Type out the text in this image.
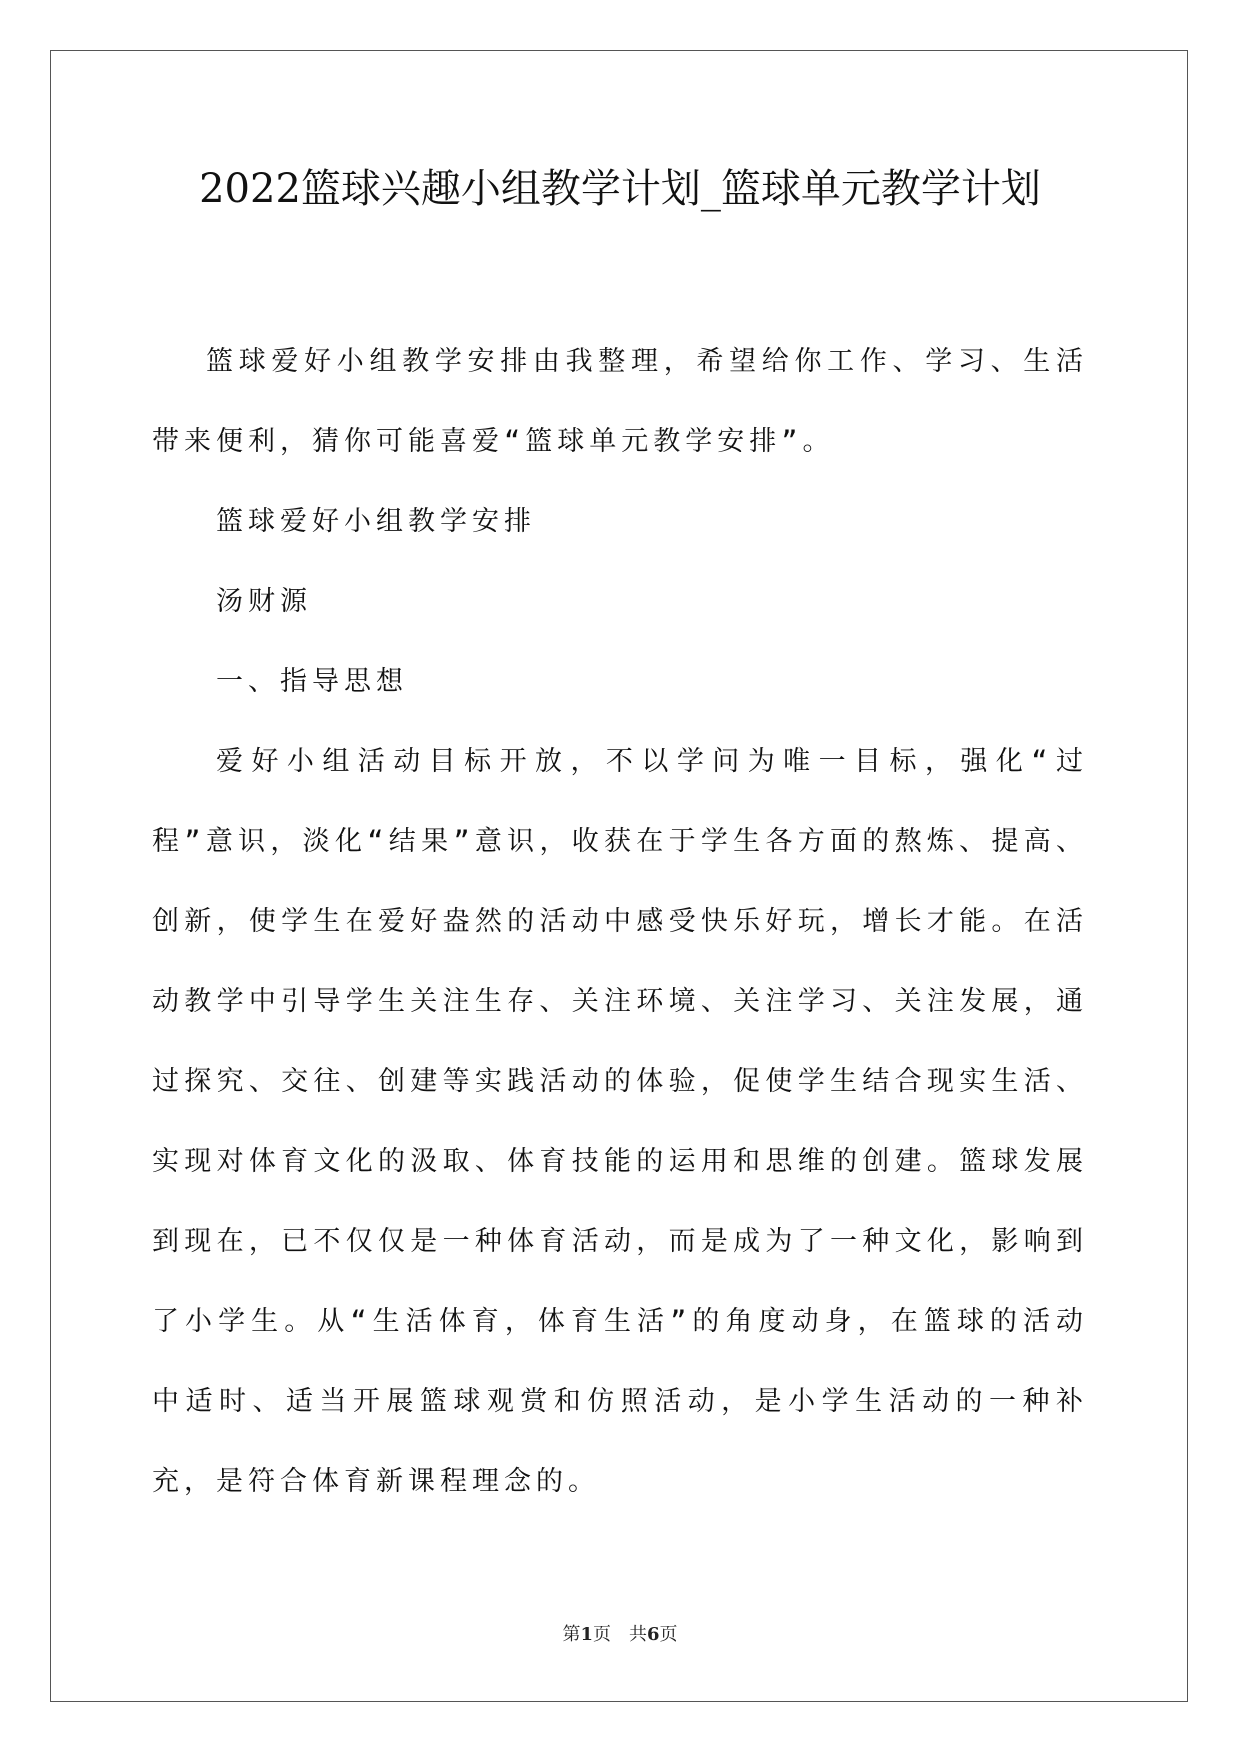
2022篮球兴趣小组教学计划_篮球单元教学计划

篮球爱好小组教学安排由我整理，希望给你工作、学习、生活带来便利，猜你可能喜爱“篮球单元教学安排”。

篮球爱好小组教学安排

汤财源

一、指导思想

爱好小组活动目标开放，不以学问为唯一目标，强化“过程”意识，淡化“结果”意识，收获在于学生各方面的熬炼、提高、创新，使学生在爱好盎然的活动中感受快乐好玩，增长才能。在活动教学中引导学生关注生存、关注环境、关注学习、关注发展，通过探究、交往、创建等实践活动的体验，促使学生结合现实生活、实现对体育文化的汲取、体育技能的运用和思维的创建。篮球发展到现在，已不仅仅是一种体育活动，而是成为了一种文化，影响到了小学生。从“生活体育，体育生活”的角度动身，在篮球的活动中适时、适当开展篮球观赏和仿照活动，是小学生活动的一种补充，是符合体育新课程理念的。

第1页 共6页
